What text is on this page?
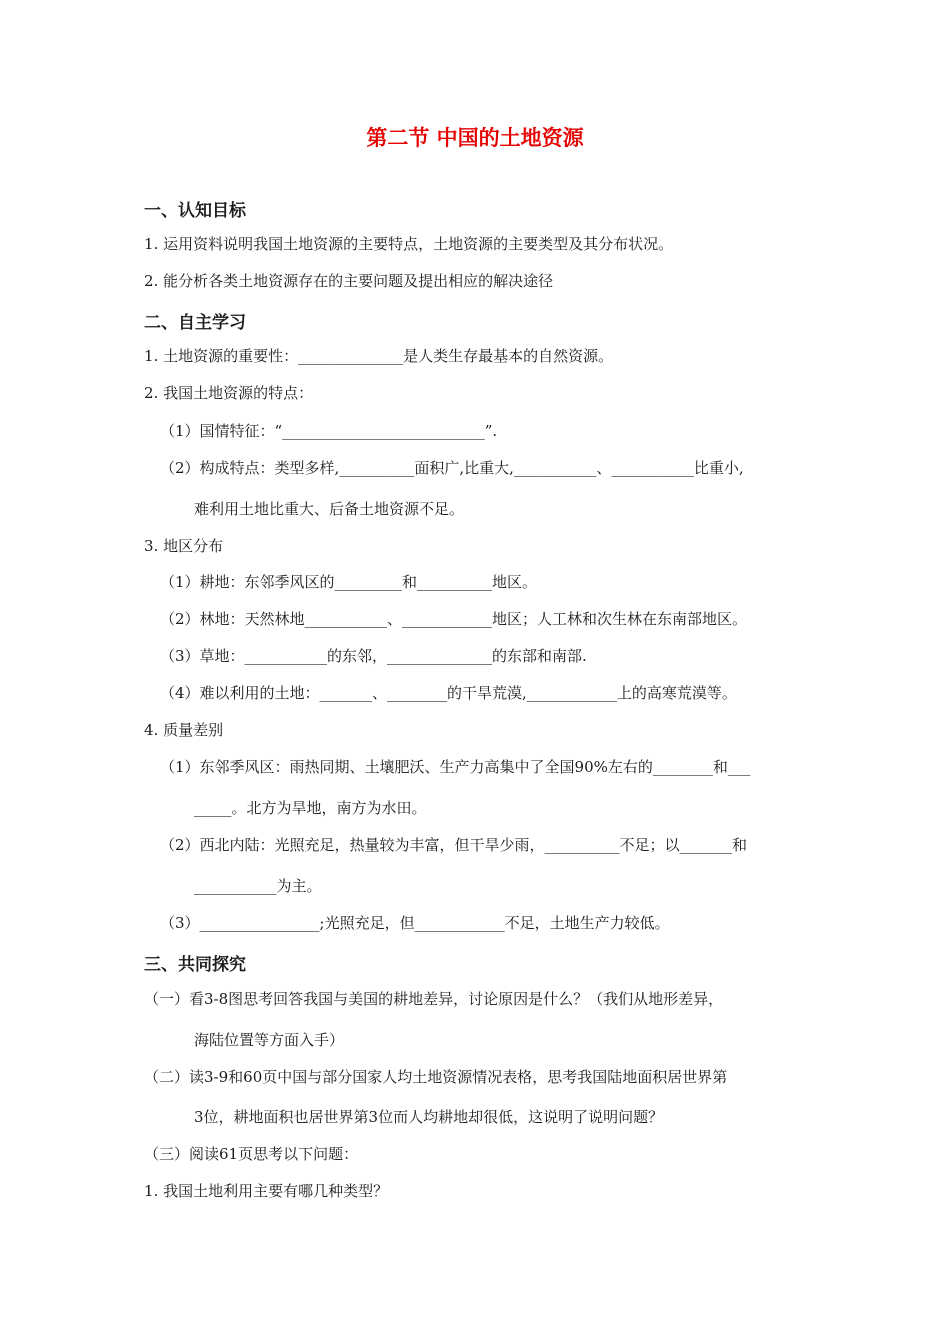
第二节 中国的土地资源
一、认知目标
1. 运用资料说明我国土地资源的主要特点，土地资源的主要类型及其分布状况。
2. 能分析各类土地资源存在的主要问题及提出相应的解决途径
二、自主学习
1. 土地资源的重要性：______________是人类生存最基本的自然资源。
2. 我国土地资源的特点：
（1）国情特征：“___________________________”.
（2）构成特点：类型多样,__________面积广,比重大,___________、___________比重小,
难利用土地比重大、后备土地资源不足。
3. 地区分布
（1）耕地：东邻季风区的_________和__________地区。
（2）林地：天然林地___________、____________地区；人工林和次生林在东南部地区。
（3）草地：___________的东邻，______________的东部和南部.
（4）难以利用的土地：_______、________的干旱荒漠,____________上的高寒荒漠等。
4. 质量差别
（1）东邻季风区：雨热同期、土壤肥沃、生产力高集中了全国90%左右的________和___
_____。北方为旱地，南方为水田。
（2）西北内陆：光照充足，热量较为丰富，但干旱少雨，__________不足；以_______和
___________为主。
（3）________________;光照充足，但____________不足，土地生产力较低。
三、共同探究
（一）看3-8图思考回答我国与美国的耕地差异，讨论原因是什么？（我们从地形差异，
海陆位置等方面入手）
（二）读3-9和60页中国与部分国家人均土地资源情况表格，思考我国陆地面积居世界第
3位，耕地面积也居世界第3位而人均耕地却很低，这说明了说明问题？
（三）阅读61页思考以下问题：
1. 我国土地利用主要有哪几种类型？
